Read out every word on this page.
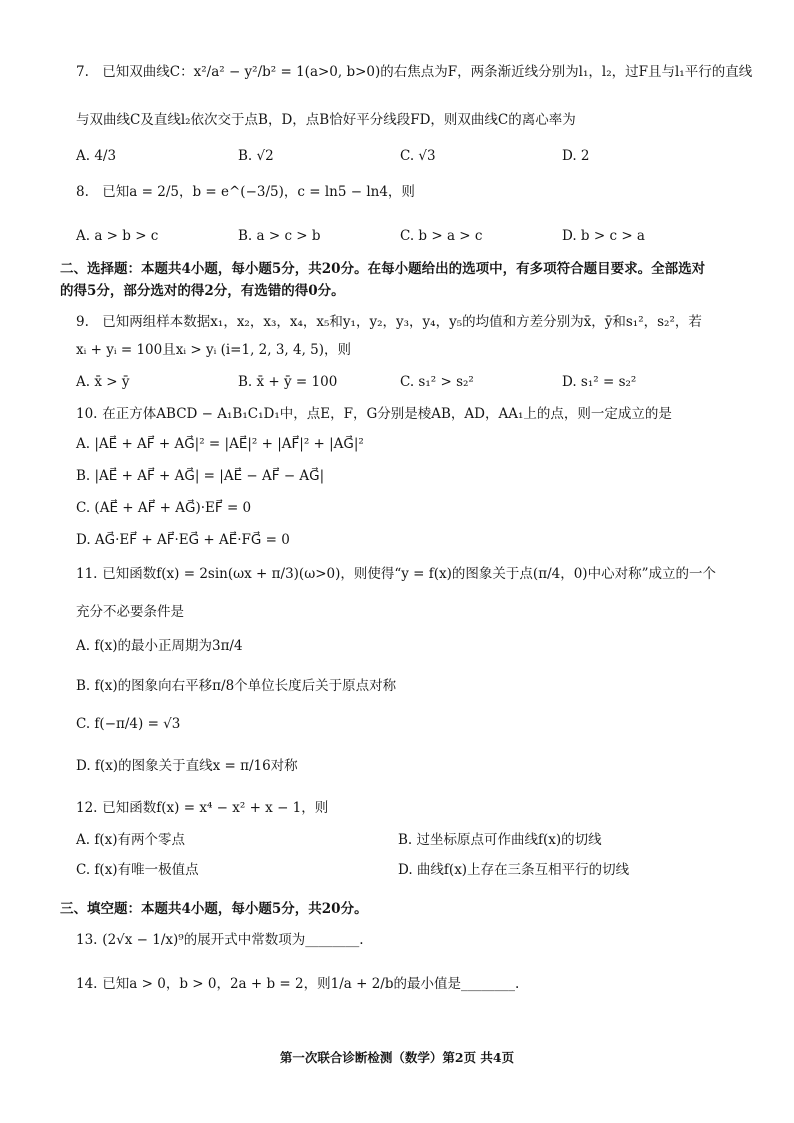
7. 已知双曲线C：x²/a² − y²/b² = 1(a>0, b>0)的右焦点为F，两条渐近线分别为l₁，l₂，过F且与l₁平行的直线
与双曲线C及直线l₂依次交于点B，D，点B恰好平分线段FD，则双曲线C的离心率为
A. 4/3	B. √2	C. √3	D. 2
8. 已知a = 2/5，b = e^(−3/5)，c = ln5 − ln4，则
A. a > b > c	B. a > c > b	C. b > a > c	D. b > c > a
二、选择题：本题共4小题，每小题5分，共20分。在每小题给出的选项中，有多项符合题目要求。全部选对
的得5分，部分选对的得2分，有选错的得0分。
9. 已知两组样本数据x₁，x₂，x₃，x₄，x₅和y₁，y₂，y₃，y₄，y₅的均值和方差分别为x̄，ȳ和s₁²，s₂²，若
xᵢ + yᵢ = 100且xᵢ > yᵢ (i=1, 2, 3, 4, 5)，则
A. x̄ > ȳ	B. x̄ + ȳ = 100	C. s₁² > s₂²	D. s₁² = s₂²
10. 在正方体ABCD − A₁B₁C₁D₁中，点E，F，G分别是棱AB，AD，AA₁上的点，则一定成立的是
A. |AE⃗ + AF⃗ + AG⃗|² = |AE⃗|² + |AF⃗|² + |AG⃗|²
B. |AE⃗ + AF⃗ + AG⃗| = |AE⃗ − AF⃗ − AG⃗|
C. (AE⃗ + AF⃗ + AG⃗)·EF⃗ = 0
D. AG⃗·EF⃗ + AF⃗·EG⃗ + AE⃗·FG⃗ = 0
11. 已知函数f(x) = 2sin(ωx + π/3)(ω>0)，则使得“y = f(x)的图象关于点(π/4，0)中心对称”成立的一个
充分不必要条件是
A. f(x)的最小正周期为3π/4
B. f(x)的图象向右平移π/8个单位长度后关于原点对称
C. f(−π/4) = √3
D. f(x)的图象关于直线x = π/16对称
12. 已知函数f(x) = x⁴ − x² + x − 1，则
A. f(x)有两个零点	B. 过坐标原点可作曲线f(x)的切线
C. f(x)有唯一极值点	D. 曲线f(x)上存在三条互相平行的切线
三、填空题：本题共4小题，每小题5分，共20分。
13. (2√x − 1/x)⁹的展开式中常数项为________.
14. 已知a > 0，b > 0，2a + b = 2，则1/a + 2/b的最小值是________.
第一次联合诊断检测（数学）第2页 共4页
